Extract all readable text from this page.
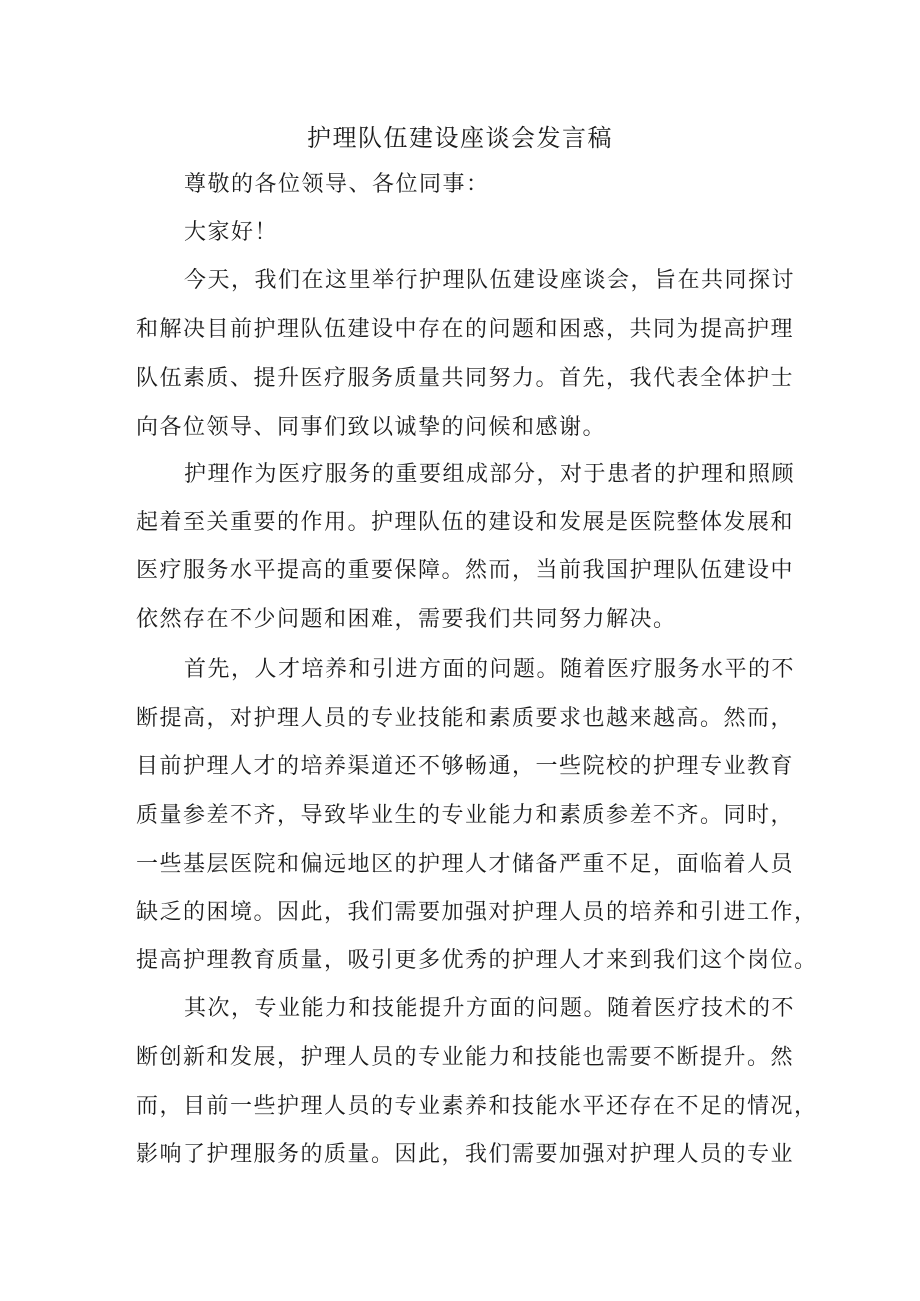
护理队伍建设座谈会发言稿
尊敬的各位领导、各位同事：
大家好！
今天，我们在这里举行护理队伍建设座谈会，旨在共同探讨
和解决目前护理队伍建设中存在的问题和困惑，共同为提高护理
队伍素质、提升医疗服务质量共同努力。首先，我代表全体护士
向各位领导、同事们致以诚挚的问候和感谢。
护理作为医疗服务的重要组成部分，对于患者的护理和照顾
起着至关重要的作用。护理队伍的建设和发展是医院整体发展和
医疗服务水平提高的重要保障。然而，当前我国护理队伍建设中
依然存在不少问题和困难，需要我们共同努力解决。
首先，人才培养和引进方面的问题。随着医疗服务水平的不
断提高，对护理人员的专业技能和素质要求也越来越高。然而，
目前护理人才的培养渠道还不够畅通，一些院校的护理专业教育
质量参差不齐，导致毕业生的专业能力和素质参差不齐。同时，
一些基层医院和偏远地区的护理人才储备严重不足，面临着人员
缺乏的困境。因此，我们需要加强对护理人员的培养和引进工作，
提高护理教育质量，吸引更多优秀的护理人才来到我们这个岗位。
其次，专业能力和技能提升方面的问题。随着医疗技术的不
断创新和发展，护理人员的专业能力和技能也需要不断提升。然
而，目前一些护理人员的专业素养和技能水平还存在不足的情况，
影响了护理服务的质量。因此，我们需要加强对护理人员的专业
